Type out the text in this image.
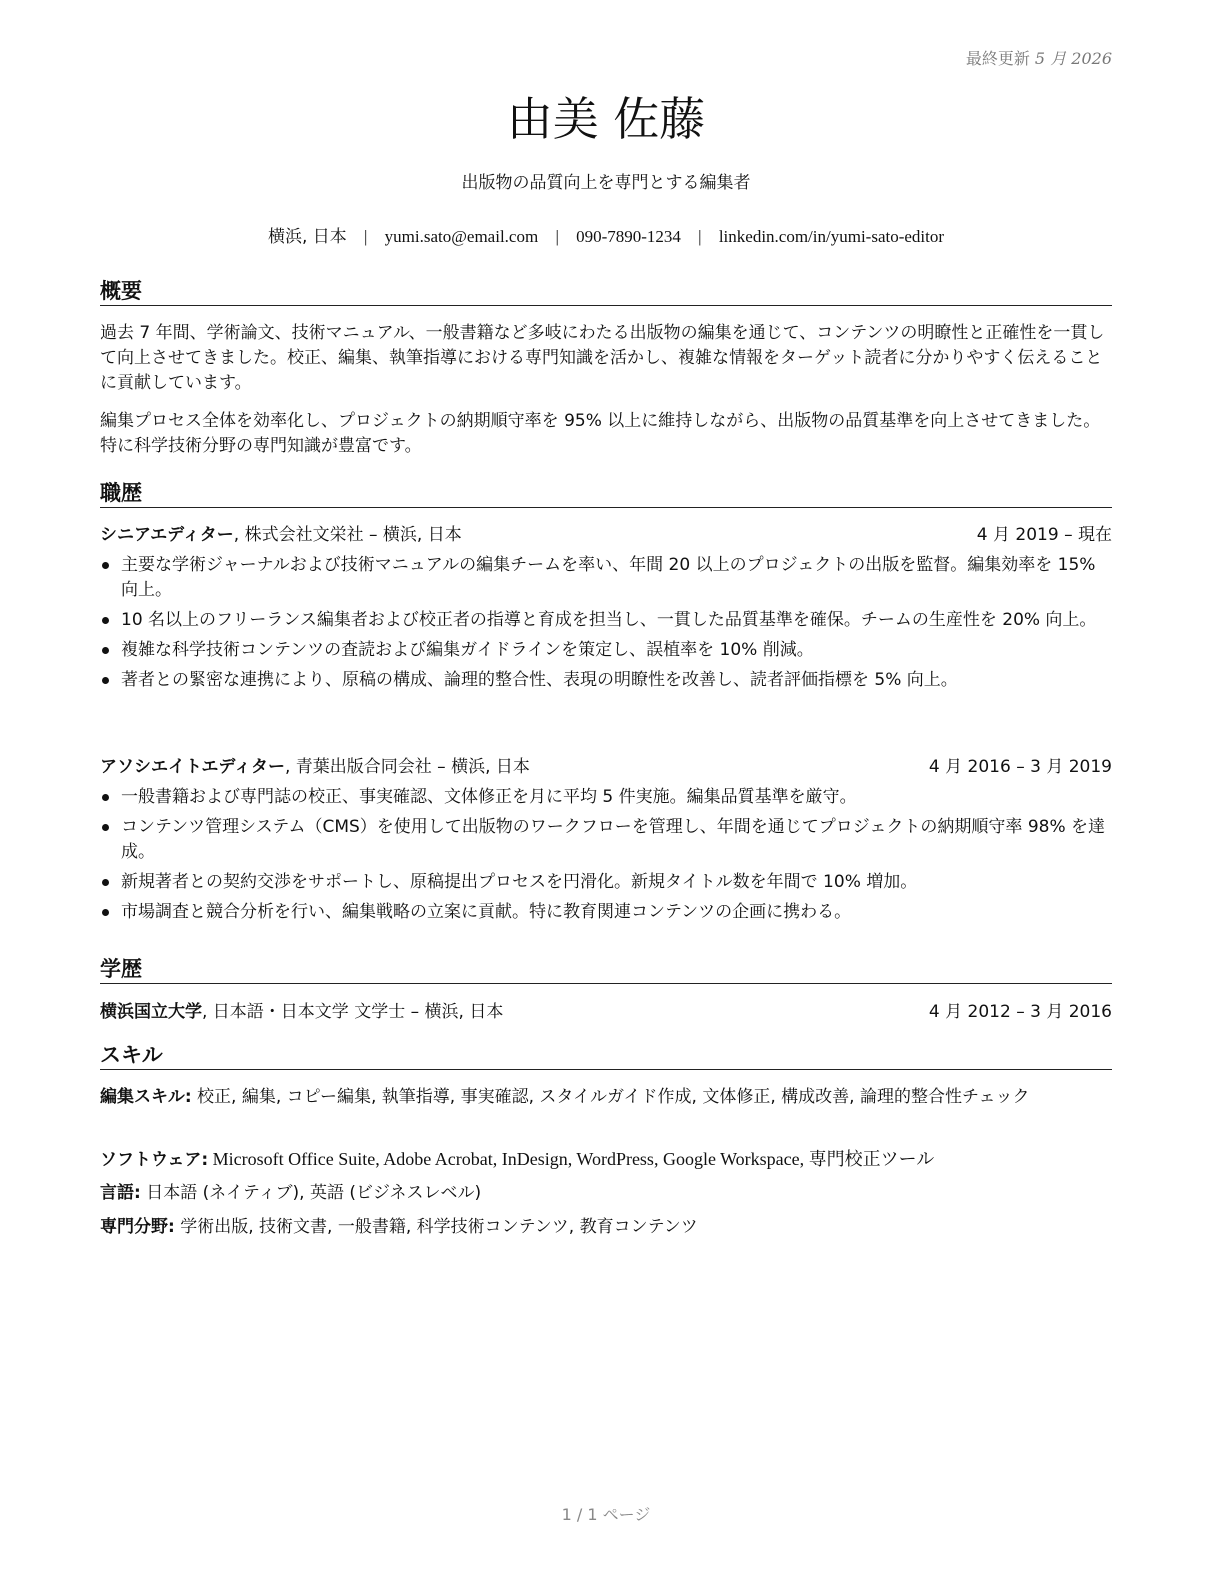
最終更新 5 月 2026
由美 佐藤
出版物の品質向上を専門とする編集者
横浜, 日本 | yumi.sato@email.com | 090-7890-1234 | linkedin.com/in/yumi-sato-editor
概要

過去 7 年間、学術論文、技術マニュアル、一般書籍など多岐にわたる出版物の編集を通じて、コンテンツの明瞭性と正確性を一貫して向上させてきました。校正、編集、執筆指導における専門知識を活かし、複雑な情報をターゲット読者に分かりやすく伝えることに貢献しています。

編集プロセス全体を効率化し、プロジェクトの納期順守率を 95% 以上に維持しながら、出版物の品質基準を向上させてきました。特に科学技術分野の専門知識が豊富です。

職歴
シニアエディター, 株式会社文栄社 – 横浜, 日本	4 月 2019 – 現在
主要な学術ジャーナルおよび技術マニュアルの編集チームを率い、年間 20 以上のプロジェクトの出版を監督。編集効率を 15% 向上。
10 名以上のフリーランス編集者および校正者の指導と育成を担当し、一貫した品質基準を確保。チームの生産性を 20% 向上。
複雑な科学技術コンテンツの査読および編集ガイドラインを策定し、誤植率を 10% 削減。
著者との緊密な連携により、原稿の構成、論理的整合性、表現の明瞭性を改善し、読者評価指標を 5% 向上。
アソシエイトエディター, 青葉出版合同会社 – 横浜, 日本	4 月 2016 – 3 月 2019
一般書籍および専門誌の校正、事実確認、文体修正を月に平均 5 件実施。編集品質基準を厳守。
コンテンツ管理システム（CMS）を使用して出版物のワークフローを管理し、年間を通じてプロジェクトの納期順守率 98% を達成。
新規著者との契約交渉をサポートし、原稿提出プロセスを円滑化。新規タイトル数を年間で 10% 増加。
市場調査と競合分析を行い、編集戦略の立案に貢献。特に教育関連コンテンツの企画に携わる。
学歴
横浜国立大学, 日本語・日本文学 文学士 – 横浜, 日本	4 月 2012 – 3 月 2016
スキル
編集スキル: 校正, 編集, コピー編集, 執筆指導, 事実確認, スタイルガイド作成, 文体修正, 構成改善, 論理的整合性チェック
ソフトウェア: Microsoft Office Suite, Adobe Acrobat, InDesign, WordPress, Google Workspace, 専門校正ツール
言語: 日本語 (ネイティブ), 英語 (ビジネスレベル)
専門分野: 学術出版, 技術文書, 一般書籍, 科学技術コンテンツ, 教育コンテンツ
1 / 1 ページ
